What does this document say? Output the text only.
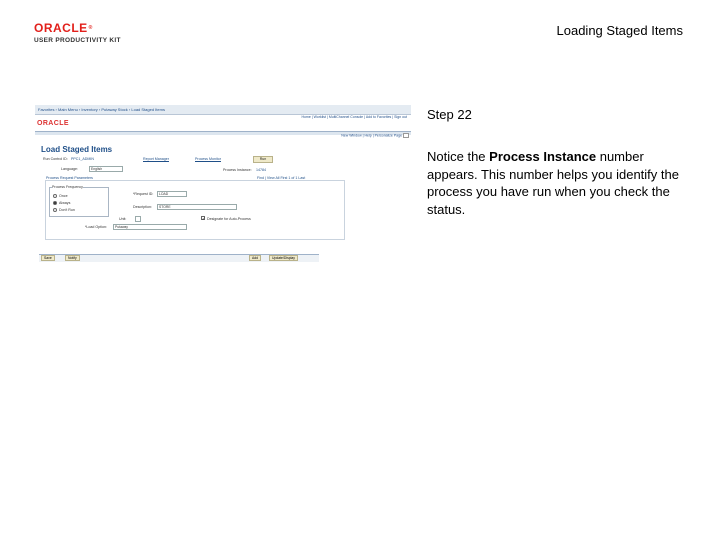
ORACLE ®
USER PRODUCTIVITY KIT
Loading Staged Items
Favorites › Main Menu › Inventory › Putaway Stock › Load Staged Items
ORACLE
Home | Worklist | MultiChannel Console | Add to Favorites | Sign out
New Window | Help | Personalize Page
Load Staged Items
Run Control ID: PPC1_ADMIN	Report Manager	Process Monitor	Run
Language:	English	Process Instance: 14784
Process Request Parameters	Find | View All First 1 of 1 Last
Process Frequency
Once
Always
Don't Run
*Request ID:	LOAD
Description:	STORE
Unit:	✓ Designate for Auto-Process
*Load Option:	Putaway
Save	Notify	Add	Update/Display
Step 22
Notice the Process Instance number appears. This number helps you identify the process you have run when you check the status.
